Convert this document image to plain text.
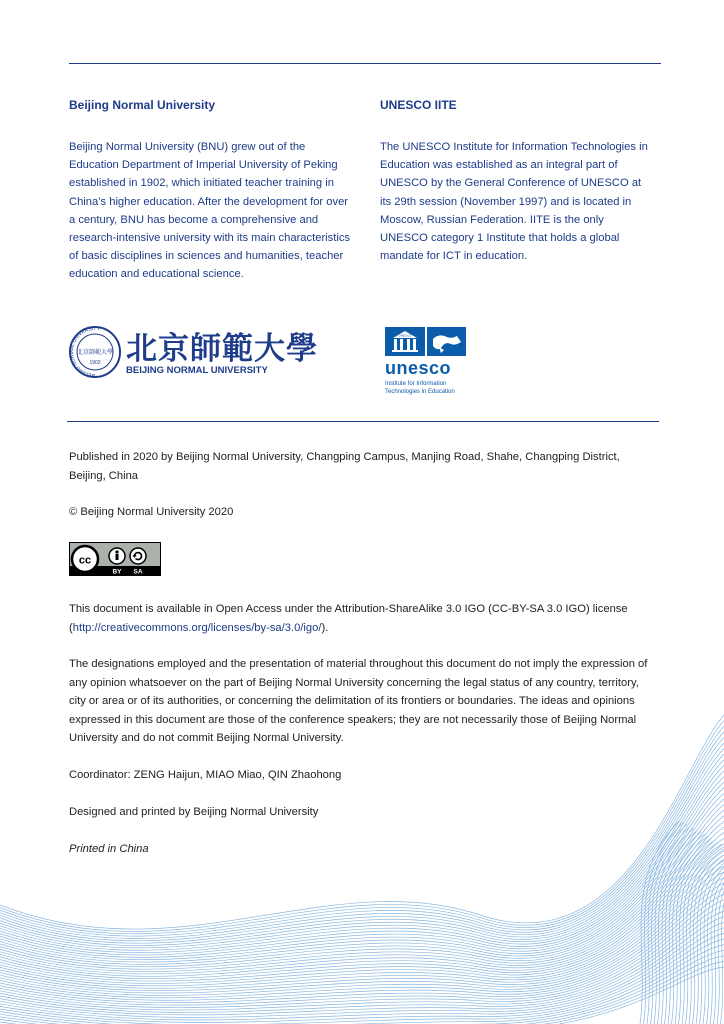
Beijing Normal University	UNESCO IITE
Beijing Normal University (BNU) grew out of the Education Department of Imperial University of Peking established in 1902, which initiated teacher training in China’s higher education. After the development for over a century, BNU has become a comprehensive and research-intensive university with its main characteristics of basic disciplines in sciences and humanities, teacher education and educational science.
The UNESCO Institute for Information Technologies in Education was established as an integral part of UNESCO by the General Conference of UNESCO at its 29th session (November 1997) and is located in Moscow, Russian Federation. IITE is the only UNESCO category 1 Institute that holds a global mandate for ICT in education.
BEIJING NORMAL UNIVERSITY
北京師範大學
1902 北京師範大學
BEIJING NORMAL UNIVERSITY
UNESCO
unesco
Institute for Information
Technologies in Education
Published in 2020 by Beijing Normal University, Changping Campus, Manjing Road, Shahe, Changping District, Beijing, China
© Beijing Normal University 2020
cc
BY SA
This document is available in Open Access under the Attribution-ShareAlike 3.0 IGO (CC-BY-SA 3.0 IGO) license (http://creativecommons.org/licenses/by-sa/3.0/igo/).
The designations employed and the presentation of material throughout this document do not imply the expression of any opinion whatsoever on the part of Beijing Normal University concerning the legal status of any country, territory, city or area or of its authorities, or concerning the delimitation of its frontiers or boundaries. The ideas and opinions expressed in this document are those of the conference speakers; they are not necessarily those of Beijing Normal University and do not commit Beijing Normal University.
Coordinator: ZENG Haijun, MIAO Miao, QIN Zhaohong
Designed and printed by Beijing Normal University
Printed in China
